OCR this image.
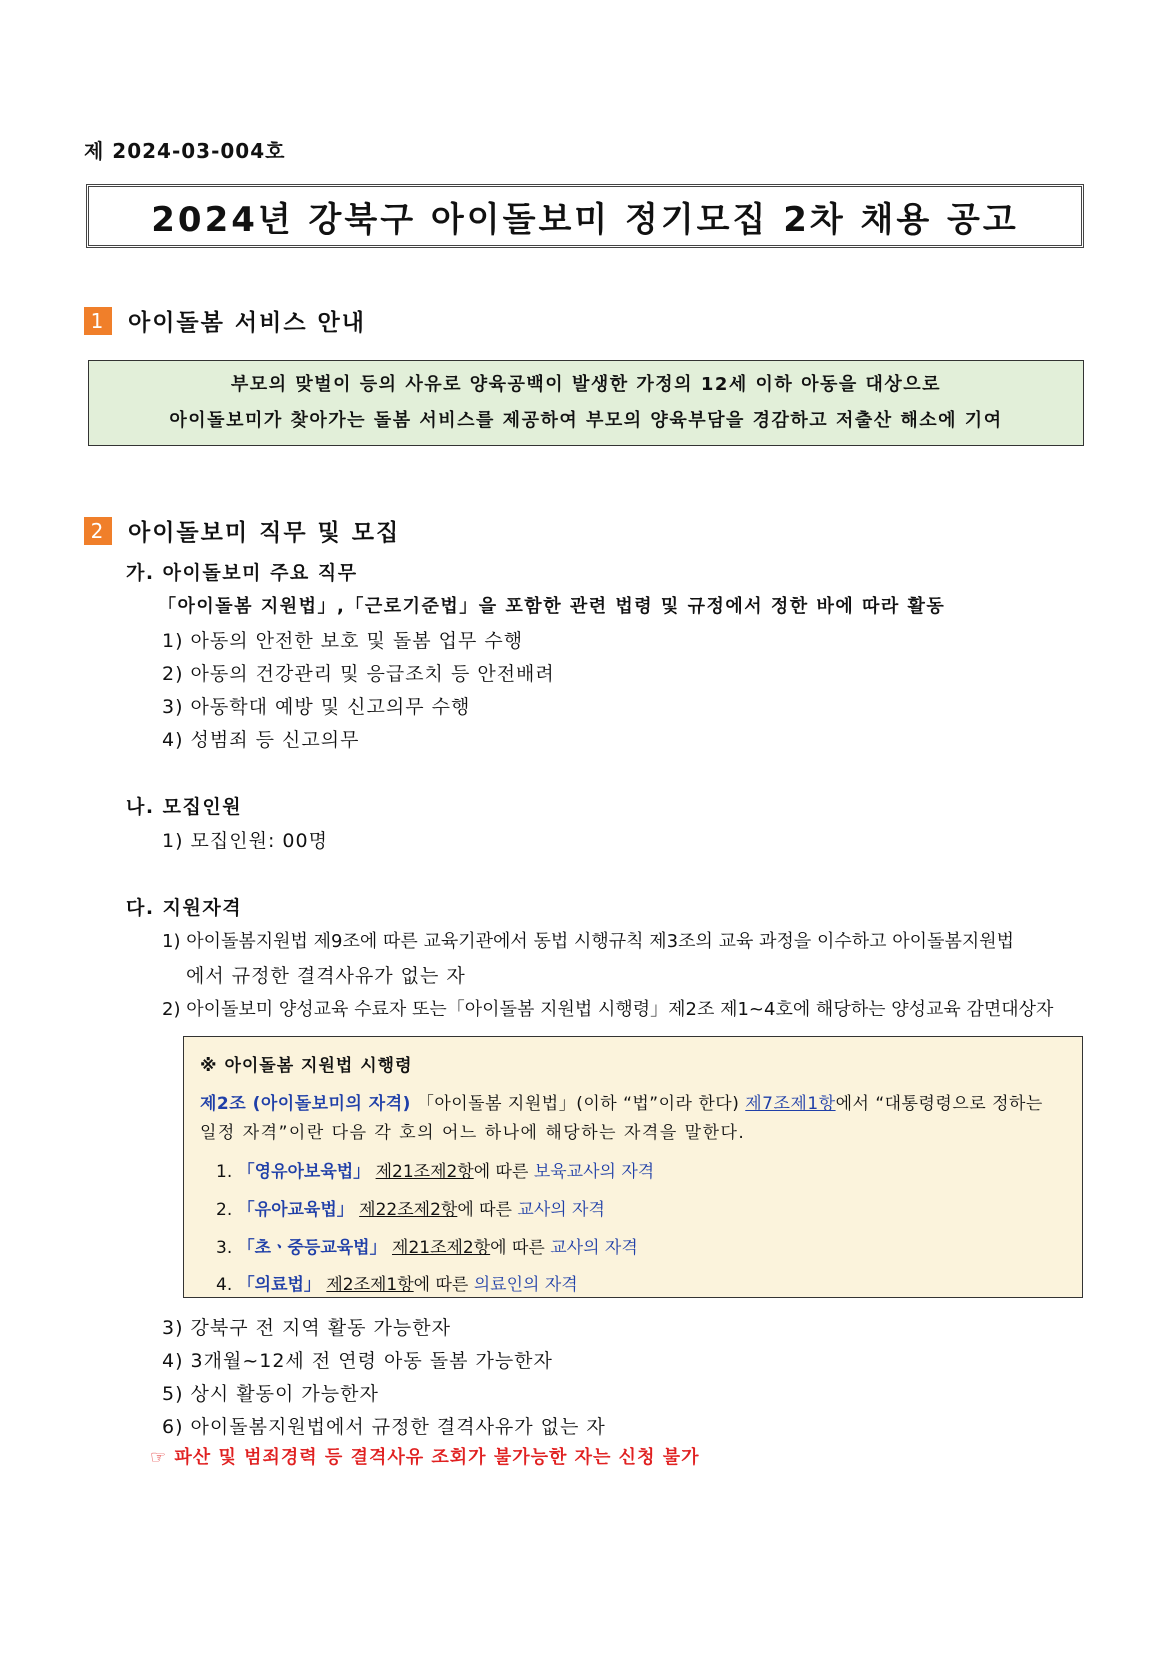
제 2024-03-004호
2024년 강북구 아이돌보미 정기모집 2차 채용 공고
1 아이돌봄 서비스 안내
부모의 맞벌이 등의 사유로 양육공백이 발생한 가정의 12세 이하 아동을 대상으로
아이돌보미가 찾아가는 돌봄 서비스를 제공하여 부모의 양육부담을 경감하고 저출산 해소에 기여
2 아이돌보미 직무 및 모집
가. 아이돌보미 주요 직무
「아이돌봄 지원법」,「근로기준법」을 포함한 관련 법령 및 규정에서 정한 바에 따라 활동
1) 아동의 안전한 보호 및 돌봄 업무 수행
2) 아동의 건강관리 및 응급조치 등 안전배려
3) 아동학대 예방 및 신고의무 수행
4) 성범죄 등 신고의무
나. 모집인원
1) 모집인원: 00명
다. 지원자격
1) 아이돌봄지원법 제9조에 따른 교육기관에서 동법 시행규칙 제3조의 교육 과정을 이수하고 아이돌봄지원법
에서 규정한 결격사유가 없는 자
2) 아이돌보미 양성교육 수료자 또는「아이돌봄 지원법 시행령」제2조 제1~4호에 해당하는 양성교육 감면대상자
※ 아이돌봄 지원법 시행령
제2조 (아이돌보미의 자격) 「아이돌봄 지원법」(이하 “법”이라 한다) 제7조제1항에서 “대통령령으로 정하는
일정 자격”이란 다음 각 호의 어느 하나에 해당하는 자격을 말한다.
1. 「영유아보육법」 제21조제2항에 따른 보육교사의 자격
2. 「유아교육법」 제22조제2항에 따른 교사의 자격
3. 「초ㆍ중등교육법」 제21조제2항에 따른 교사의 자격
4. 「의료법」 제2조제1항에 따른 의료인의 자격
3) 강북구 전 지역 활동 가능한자
4) 3개월~12세 전 연령 아동 돌봄 가능한자
5) 상시 활동이 가능한자
6) 아이돌봄지원법에서 규정한 결격사유가 없는 자
☞ 파산 및 범죄경력 등 결격사유 조회가 불가능한 자는 신청 불가
